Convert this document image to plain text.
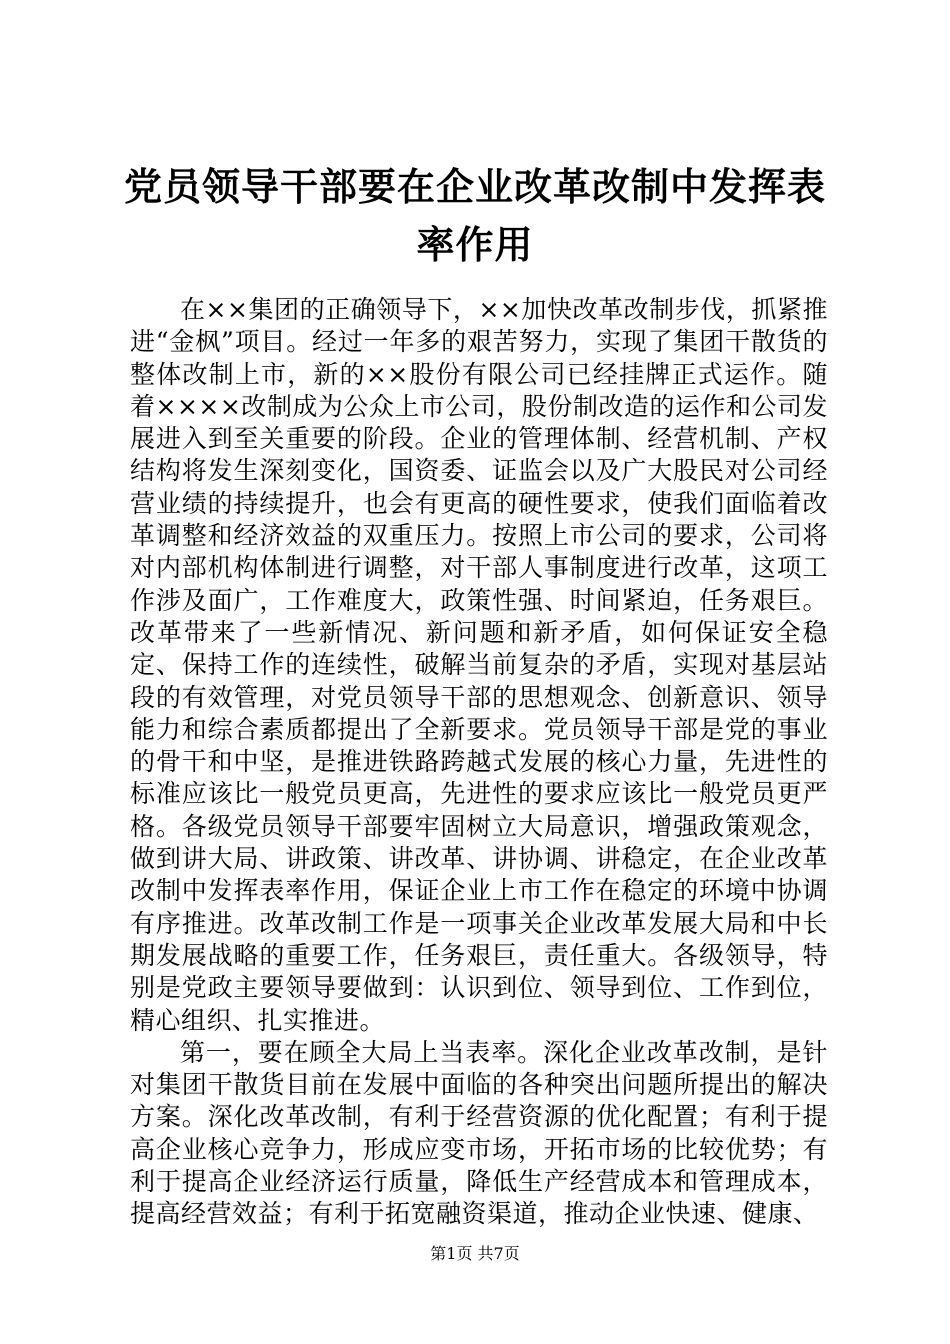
党员领导干部要在企业改革改制中发挥表率作用

在××集团的正确领导下，××加快改革改制步伐，抓紧推进“金枫”项目。经过一年多的艰苦努力，实现了集团干散货的整体改制上市，新的××股份有限公司已经挂牌正式运作。随着××××改制成为公众上市公司，股份制改造的运作和公司发展进入到至关重要的阶段。企业的管理体制、经营机制、产权结构将发生深刻变化，国资委、证监会以及广大股民对公司经营业绩的持续提升，也会有更高的硬性要求，使我们面临着改革调整和经济效益的双重压力。按照上市公司的要求，公司将对内部机构体制进行调整，对干部人事制度进行改革，这项工作涉及面广，工作难度大，政策性强、时间紧迫，任务艰巨。改革带来了一些新情况、新问题和新矛盾，如何保证安全稳定、保持工作的连续性，破解当前复杂的矛盾，实现对基层站段的有效管理，对党员领导干部的思想观念、创新意识、领导能力和综合素质都提出了全新要求。党员领导干部是党的事业的骨干和中坚，是推进铁路跨越式发展的核心力量，先进性的标准应该比一般党员更高，先进性的要求应该比一般党员更严格。各级党员领导干部要牢固树立大局意识，增强政策观念，做到讲大局、讲政策、讲改革、讲协调、讲稳定，在企业改革改制中发挥表率作用，保证企业上市工作在稳定的环境中协调有序推进。改革改制工作是一项事关企业改革发展大局和中长期发展战略的重要工作，任务艰巨，责任重大。各级领导，特别是党政主要领导要做到：认识到位、领导到位、工作到位，精心组织、扎实推进。

第一，要在顾全大局上当表率。深化企业改革改制，是针对集团干散货目前在发展中面临的各种突出问题所提出的解决方案。深化改革改制，有利于经营资源的优化配置；有利于提高企业核心竞争力，形成应变市场，开拓市场的比较优势；有利于提高企业经济运行质量，降低生产经营成本和管理成本，提高经营效益；有利于拓宽融资渠道，推动企业快速、健康、

第1页 共7页
